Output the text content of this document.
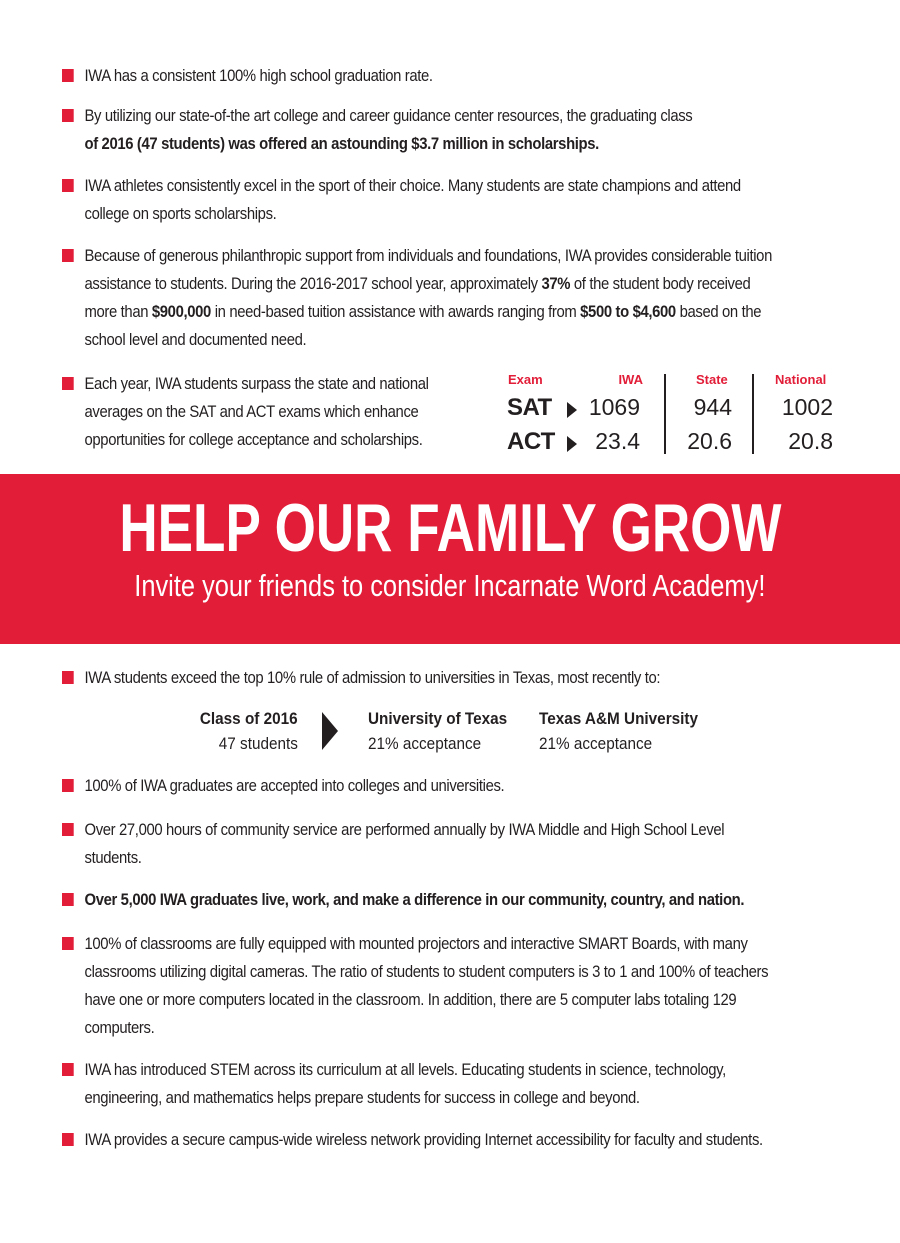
IWA has a consistent 100% high school graduation rate.
By utilizing our state-of-the art college and career guidance center resources, the graduating class
of 2016 (47 students) was offered an astounding $3.7 million in scholarships.
IWA athletes consistently excel in the sport of their choice. Many students are state champions and attend college on sports scholarships.
Because of generous philanthropic support from individuals and foundations, IWA provides considerable tuition assistance to students. During the 2016-2017 school year, approximately 37% of the student body received more than $900,000 in need-based tuition assistance with awards ranging from $500 to $4,600 based on the school level and documented need.
Each year, IWA students surpass the state and national averages on the SAT and ACT exams which enhance opportunities for college acceptance and scholarships.
Exam	IWA	State	National
SAT	1069	944	1002
ACT	23.4	20.6	20.8
HELP OUR FAMILY GROW
Invite your friends to consider Incarnate Word Academy!
IWA students exceed the top 10% rule of admission to universities in Texas, most recently to:
Class of 2016
47 students
University of Texas
21% acceptance
Texas A&M University
21% acceptance
100% of IWA graduates are accepted into colleges and universities.
Over 27,000 hours of community service are performed annually by IWA Middle and High School Level students.
Over 5,000 IWA graduates live, work, and make a difference in our community, country, and nation.
100% of classrooms are fully equipped with mounted projectors and interactive SMART Boards, with many classrooms utilizing digital cameras. The ratio of students to student computers is 3 to 1 and 100% of teachers have one or more computers located in the classroom. In addition, there are 5 computer labs totaling 129 computers.
IWA has introduced STEM across its curriculum at all levels. Educating students in science, technology, engineering, and mathematics helps prepare students for success in college and beyond.
IWA provides a secure campus-wide wireless network providing Internet accessibility for faculty and students.
